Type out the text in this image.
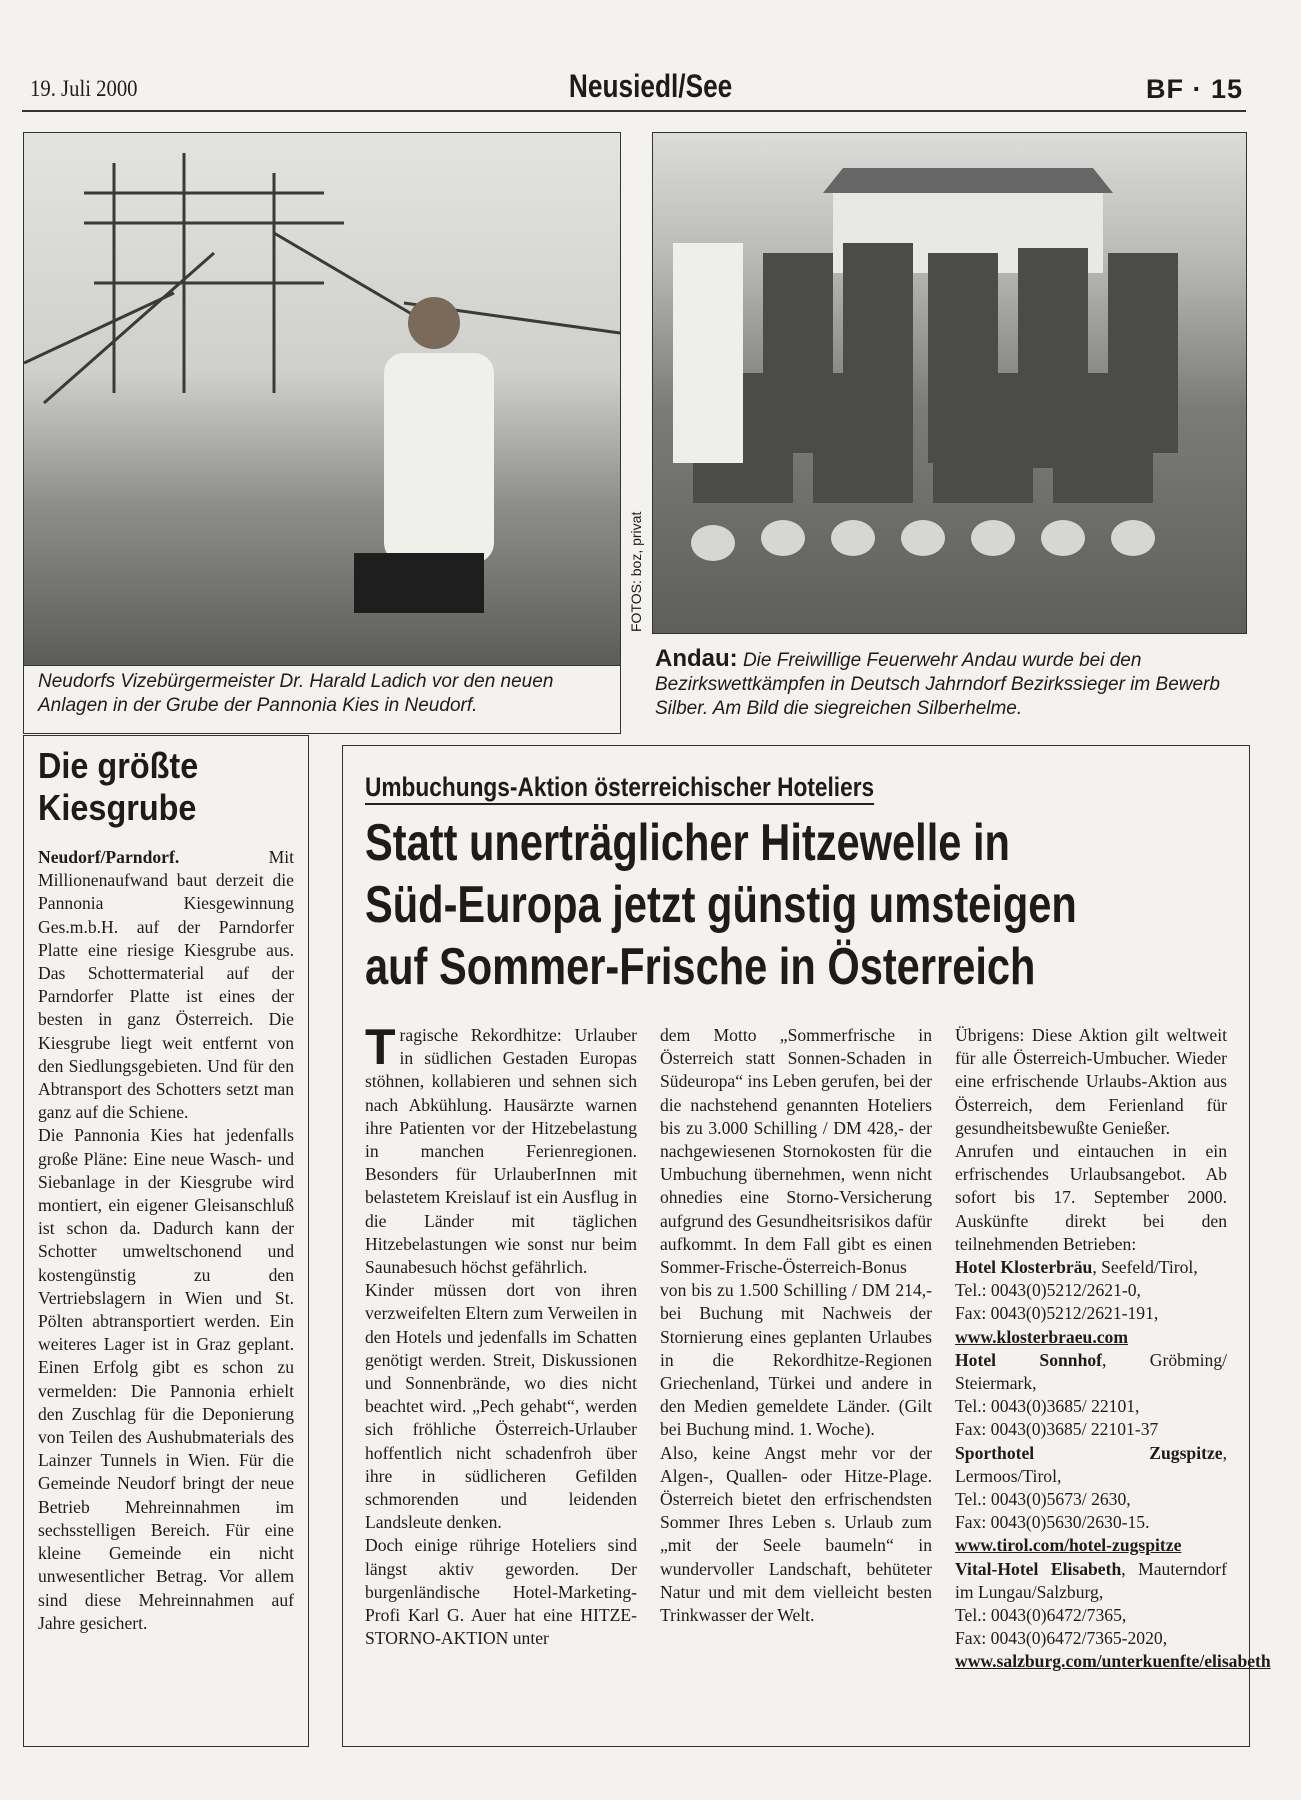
19. Juli 2000	Neusiedl/See	BF · 15
Neudorfs Vizebürgermeister Dr. Harald Ladich vor den neuen Anlagen in der Grube der Pannonia Kies in Neudorf.
FOTOS: boz, privat
Andau: Die Freiwillige Feuerwehr Andau wurde bei den Bezirkswettkämpfen in Deutsch Jahrndorf Bezirkssieger im Bewerb Silber. Am Bild die siegreichen Silberhelme.
Die größte
Kiesgrube

Neudorf/Parndorf.	Mit Millionenaufwand baut derzeit die Pannonia Kiesgewinnung Ges.m.b.H. auf der Parndorfer Platte eine riesige Kiesgrube aus. Das Schottermaterial auf der Parndorfer Platte ist eines der besten in ganz Österreich. Die Kiesgrube liegt weit entfernt von den Siedlungsgebieten. Und für den Abtransport des Schotters setzt man ganz auf die Schiene.

Die Pannonia Kies hat jedenfalls große Pläne: Eine neue Wasch- und Siebanlage in der Kiesgrube wird montiert, ein eigener Gleisanschluß ist schon da. Dadurch kann der Schotter umweltschonend und kostengünstig zu den Vertriebslagern in Wien und St. Pölten abtransportiert werden. Ein weiteres Lager ist in Graz geplant. Einen Erfolg gibt es schon zu vermelden: Die Pannonia erhielt den Zuschlag für die Deponierung von Teilen des Aushubmaterials des Lainzer Tunnels in Wien. Für die Gemeinde Neudorf bringt der neue Betrieb Mehreinnahmen im sechsstelligen Bereich. Für eine kleine Gemeinde ein nicht unwesentlicher Betrag. Vor allem sind diese Mehreinnahmen auf Jahre gesichert.

Umbuchungs-Aktion österreichischer Hoteliers
Statt unerträglicher Hitzewelle in
Süd-Europa jetzt günstig umsteigen
auf Sommer-Frische in Österreich

Tragische Rekordhitze: Urlauber in südlichen Gestaden Europas stöhnen, kollabieren und sehnen sich nach Abkühlung. Hausärzte warnen ihre Patienten vor der Hitzebelastung in manchen Ferienregionen. Besonders für UrlauberInnen mit belastetem Kreislauf ist ein Ausflug in die Länder mit täglichen Hitzebelastungen wie sonst nur beim Saunabesuch höchst gefährlich.

Kinder müssen dort von ihren verzweifelten Eltern zum Verweilen in den Hotels und jedenfalls im Schatten genötigt werden. Streit, Diskussionen und Sonnenbrände, wo dies nicht beachtet wird. „Pech gehabt“, werden sich fröhliche Österreich-Urlauber hoffentlich nicht schadenfroh über ihre in südlicheren Gefilden schmorenden und leidenden Landsleute denken.

Doch einige rührige Hoteliers sind längst aktiv geworden. Der burgenländische Hotel-Marketing-Profi Karl G. Auer hat eine HITZE-STORNO-AKTION unter

dem Motto „Sommerfrische in Österreich statt Sonnen-Schaden in Südeuropa“ ins Leben gerufen, bei der die nachstehend genannten Hoteliers bis zu 3.000 Schilling / DM 428,- der nachgewiesenen Stornokosten für die Umbuchung übernehmen, wenn nicht ohnedies eine Storno-Versicherung aufgrund des Gesundheitsrisikos dafür aufkommt. In dem Fall gibt es einen Sommer-Frische-Österreich-Bonus von bis zu 1.500 Schilling / DM 214,- bei Buchung mit Nachweis der Stornierung eines geplanten Urlaubes in die Rekordhitze-Regionen Griechenland, Türkei und andere in den Medien gemeldete Länder. (Gilt bei Buchung mind. 1. Woche).

Also, keine Angst mehr vor der Algen-, Quallen- oder Hitze-Plage. Österreich bietet den erfrischendsten Sommer Ihres Leben s. Urlaub zum „mit der Seele baumeln“ in wundervoller Landschaft, behüteter Natur und mit dem vielleicht besten Trinkwasser der Welt.

Übrigens: Diese Aktion gilt weltweit für alle Österreich-Umbucher. Wieder eine erfrischende Urlaubs-Aktion aus Österreich, dem Ferienland für gesundheitsbewußte Genießer.

Anrufen und eintauchen in ein erfrischendes Urlaubsangebot. Ab sofort bis 17. September 2000. Auskünfte direkt bei den teilnehmenden Betrieben:

Hotel Klosterbräu, Seefeld/Tirol,
Tel.: 0043(0)5212/2621-0,
Fax: 0043(0)5212/2621-191,
www.klosterbraeu.com
Hotel Sonnhof, Gröbming/ Steiermark,
Tel.: 0043(0)3685/ 22101,
Fax: 0043(0)3685/ 22101-37
Sporthotel Zugspitze, Lermoos/Tirol,
Tel.: 0043(0)5673/ 2630,
Fax: 0043(0)5630/2630-15.
www.tirol.com/hotel-zugspitze
Vital-Hotel Elisabeth, Mauterndorf im Lungau/Salzburg,
Tel.: 0043(0)6472/7365,
Fax: 0043(0)6472/7365-2020,
www.salzburg.com/unterkuenfte/elisabeth
